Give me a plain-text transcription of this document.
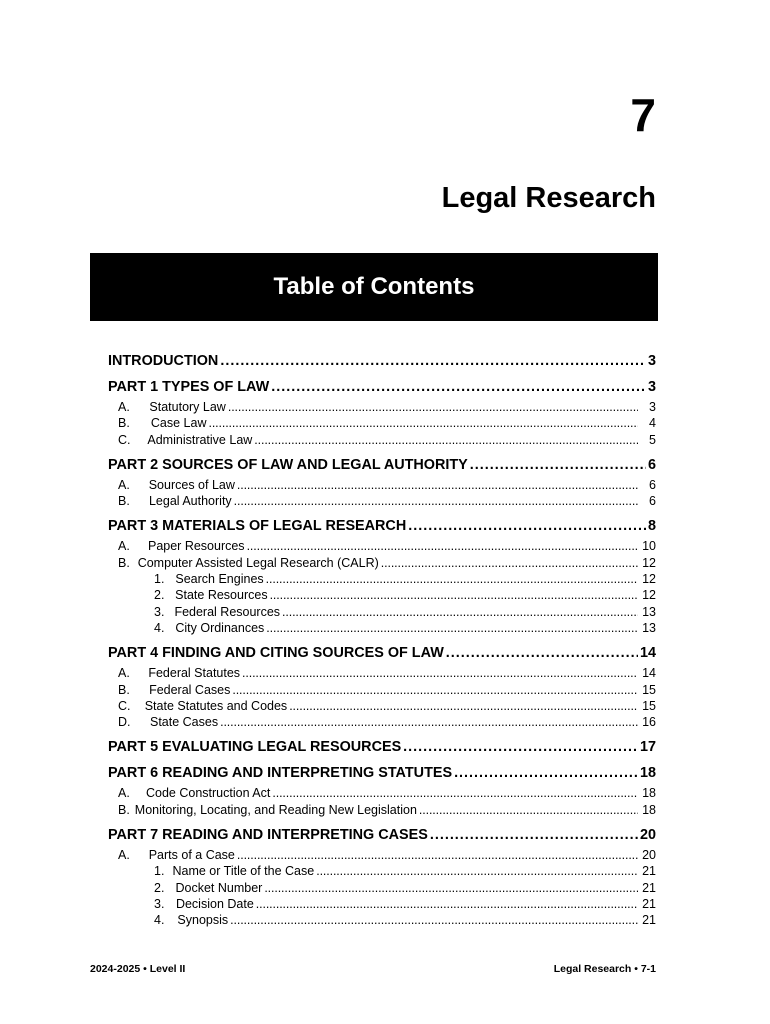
7
Legal Research
Table of Contents
INTRODUCTION . . .	3
PART 1 TYPES OF LAW . . .	3
A.	Statutory Law . . .	3
B.	Case Law . . .	4
C.	Administrative Law . . .	5
PART 2 SOURCES OF LAW AND LEGAL AUTHORITY . . .	6
A.	Sources of Law . . .	6
B.	Legal Authority . . .	6
PART 3 MATERIALS OF LEGAL RESEARCH . . .	8
A.	Paper Resources . . .	10
B. Computer Assisted Legal Research (CALR) . . .	12
1. Search Engines . . .	12
2. State Resources . . .	12
3. Federal Resources . . .	13
4. City Ordinances . . .	13
PART 4 FINDING AND CITING SOURCES OF LAW . . .	14
A.	Federal Statutes . . .	14
B.	Federal Cases . . .	15
C.	State Statutes and Codes . . .	15
D.	State Cases . . .	16
PART 5 EVALUATING LEGAL RESOURCES . . .	17
PART 6 READING AND INTERPRETING STATUTES . . .	18
A.	Code Construction Act . . .	18
B. Monitoring, Locating, and Reading New Legislation . . .	18
PART 7 READING AND INTERPRETING CASES . . .	20
A.	Parts of a Case . . .	20
1. Name or Title of the Case . . .	21
2. Docket Number . . .	21
3. Decision Date . . .	21
4.	Synopsis . . .	21
2024-2025 • Level II	Legal Research • 7-1
